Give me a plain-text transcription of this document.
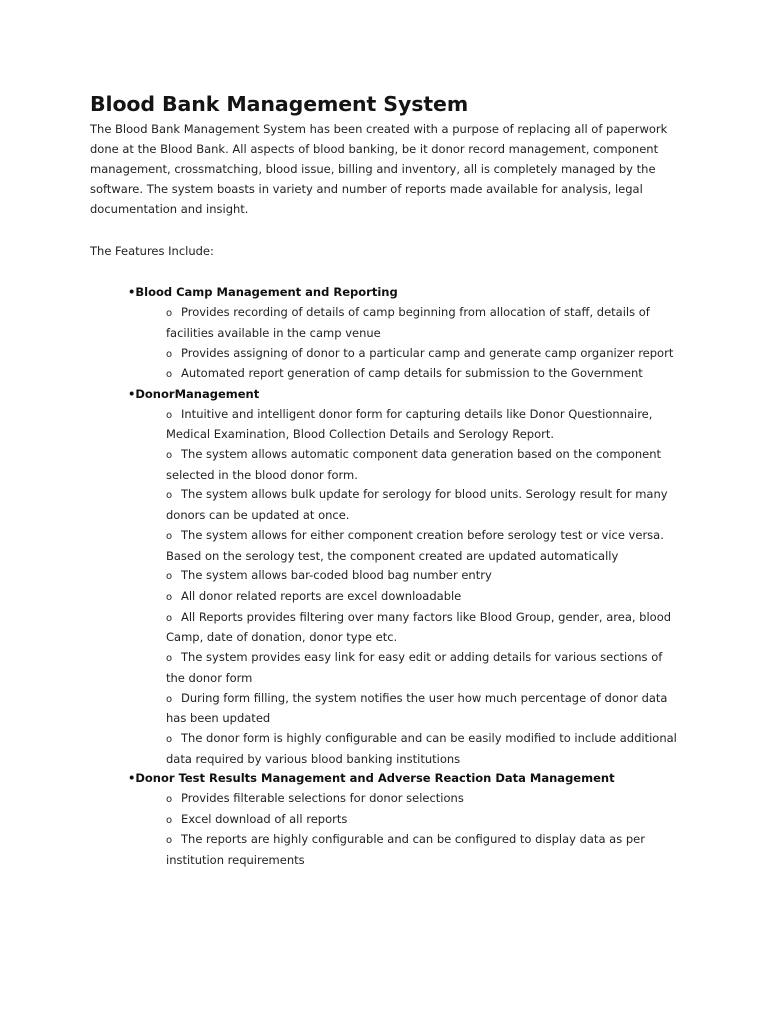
Blood Bank Management System

The Blood Bank Management System has been created with a purpose of replacing all of paperwork done at the Blood Bank. All aspects of blood banking, be it donor record management, component management, crossmatching, blood issue, billing and inventory, all is completely managed by the software. The system boasts in variety and number of reports made available for analysis, legal documentation and insight.

The Features Include:

•Blood Camp Management and Reporting
o Provides recording of details of camp beginning from allocation of staff, details of facilities available in the camp venue
o Provides assigning of donor to a particular camp and generate camp organizer report
o Automated report generation of camp details for submission to the Government
•DonorManagement
o Intuitive and intelligent donor form for capturing details like Donor Questionnaire, Medical Examination, Blood Collection Details and Serology Report.
o The system allows automatic component data generation based on the component selected in the blood donor form.
o The system allows bulk update for serology for blood units. Serology result for many donors can be updated at once.
o The system allows for either component creation before serology test or vice versa. Based on the serology test, the component created are updated automatically
o The system allows bar-coded blood bag number entry
o All donor related reports are excel downloadable
o All Reports provides filtering over many factors like Blood Group, gender, area, blood Camp, date of donation, donor type etc.
o The system provides easy link for easy edit or adding details for various sections of the donor form
o During form filling, the system notifies the user how much percentage of donor data has been updated
o The donor form is highly configurable and can be easily modified to include additional data required by various blood banking institutions
•Donor Test Results Management and Adverse Reaction Data Management
o Provides filterable selections for donor selections
o Excel download of all reports
o The reports are highly configurable and can be configured to display data as per institution requirements
